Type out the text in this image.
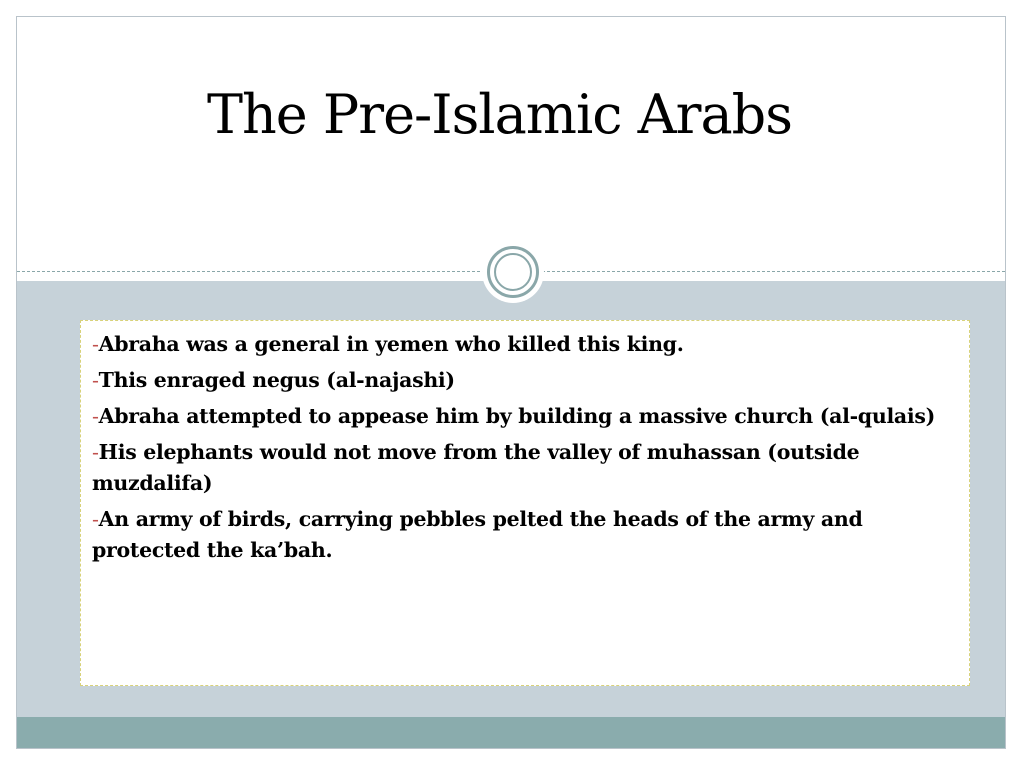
The Pre-Islamic Arabs
-Abraha was a general in yemen who killed this king.
-This enraged negus (al-najashi)
-Abraha attempted to appease him by building a massive church (al-qulais)
-His elephants would not move from the valley of muhassan (outside muzdalifa)
-An army of birds, carrying pebbles pelted the heads of the army and protected the ka’bah.
